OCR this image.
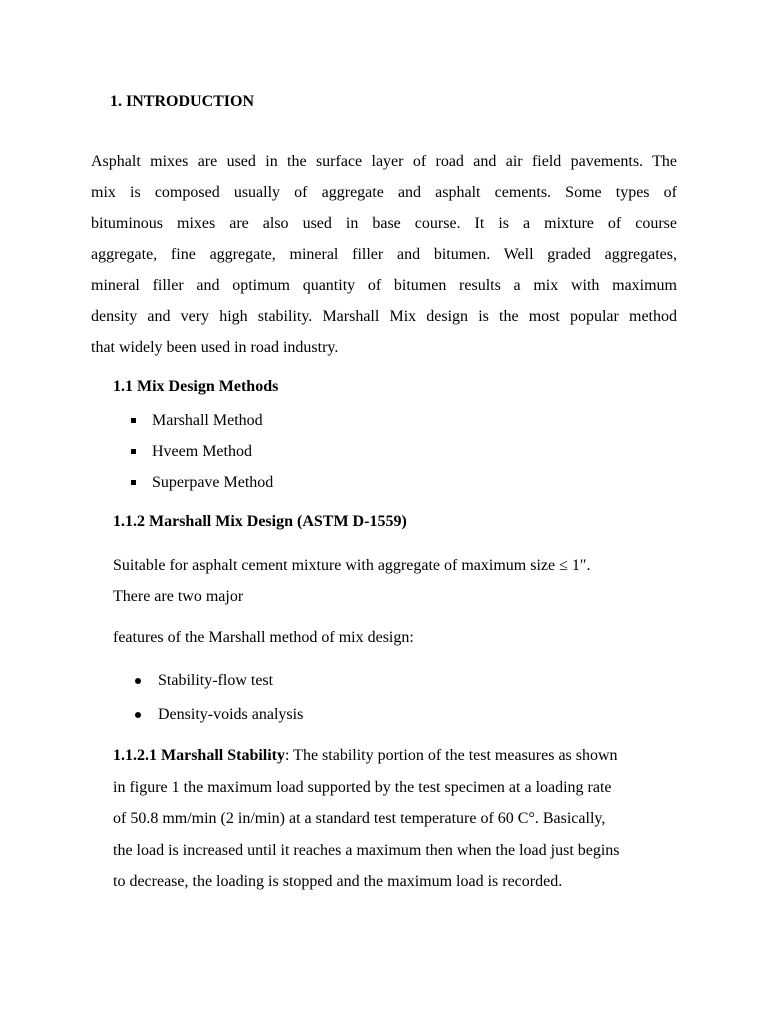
1. INTRODUCTION

Asphalt mixes are used in the surface layer of road and air field pavements. The
mix is composed usually of aggregate and asphalt cements. Some types of
bituminous mixes are also used in base course. It is a mixture of course
aggregate, fine aggregate, mineral filler and bitumen. Well graded aggregates,
mineral filler and optimum quantity of bitumen results a mix with maximum
density and very high stability. Marshall Mix design is the most popular method
that widely been used in road industry.

1.1 Mix Design Methods
Marshall Method
Hveem Method
Superpave Method
1.1.2 Marshall Mix Design (ASTM D-1559)

Suitable for asphalt cement mixture with aggregate of maximum size ≤ 1″.

There are two major

features of the Marshall method of mix design:

Stability-flow test
Density-voids analysis

1.1.2.1 Marshall Stability: The stability portion of the test measures as shown
in figure 1 the maximum load supported by the test specimen at a loading rate
of 50.8 mm/min (2 in/min) at a standard test temperature of 60 C°. Basically,
the load is increased until it reaches a maximum then when the load just begins
to decrease, the loading is stopped and the maximum load is recorded.
